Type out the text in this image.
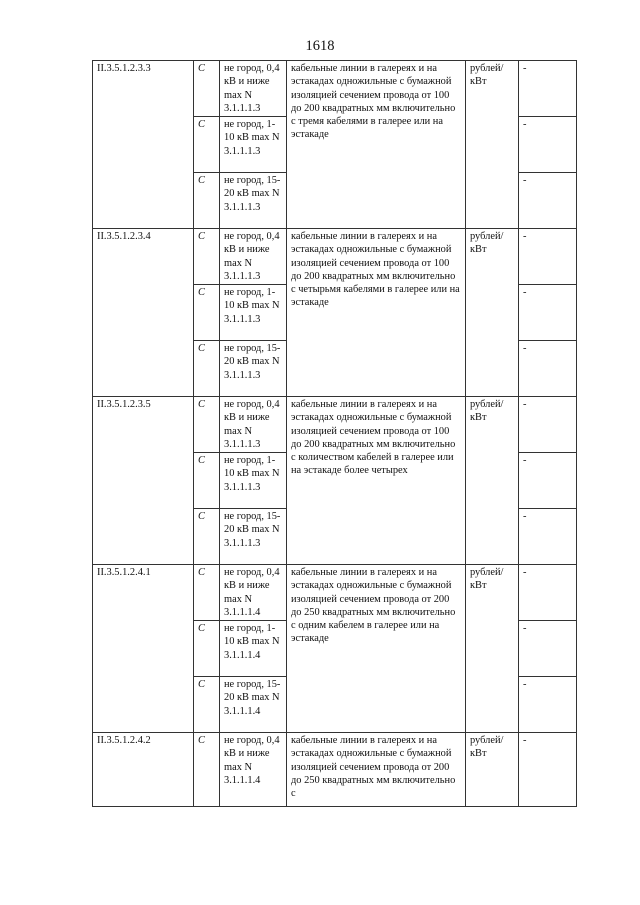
1618
II.3.5.1.2.3.3	С	не город, 0,4 кВ и ниже max N 3.1.1.1.3	кабельные линии в галереях и на эстакадах одножильные с бумажной изоляцией сечением провода от 100 до 200 квадратных мм включительно с тремя кабелями в галерее или на эстакаде	рублей/ кВт	-
	С	не город, 1-10 кВ max N 3.1.1.1.3			-
	С	не город, 15-20 кВ max N 3.1.1.1.3			-
II.3.5.1.2.3.4	С	не город, 0,4 кВ и ниже max N 3.1.1.1.3	кабельные линии в галереях и на эстакадах одножильные с бумажной изоляцией сечением провода от 100 до 200 квадратных мм включительно с четырьмя кабелями в галерее или на эстакаде	рублей/ кВт	-
	С	не город, 1-10 кВ max N 3.1.1.1.3			-
	С	не город, 15-20 кВ max N 3.1.1.1.3			-
II.3.5.1.2.3.5	С	не город, 0,4 кВ и ниже max N 3.1.1.1.3	кабельные линии в галереях и на эстакадах одножильные с бумажной изоляцией сечением провода от 100 до 200 квадратных мм включительно с количеством кабелей в галерее или на эстакаде более четырех	рублей/ кВт	-
	С	не город, 1-10 кВ max N 3.1.1.1.3			-
	С	не город, 15-20 кВ max N 3.1.1.1.3			-
II.3.5.1.2.4.1	С	не город, 0,4 кВ и ниже max N 3.1.1.1.4	кабельные линии в галереях и на эстакадах одножильные с бумажной изоляцией сечением провода от 200 до 250 квадратных мм включительно с одним кабелем в галерее или на эстакаде	рублей/ кВт	-
	С	не город, 1-10 кВ max N 3.1.1.1.4			-
	С	не город, 15-20 кВ max N 3.1.1.1.4			-
II.3.5.1.2.4.2	С	не город, 0,4 кВ и ниже max N 3.1.1.1.4	кабельные линии в галереях и на эстакадах одножильные с бумажной изоляцией сечением провода от 200 до 250 квадратных мм включительно с	рублей/ кВт	-
